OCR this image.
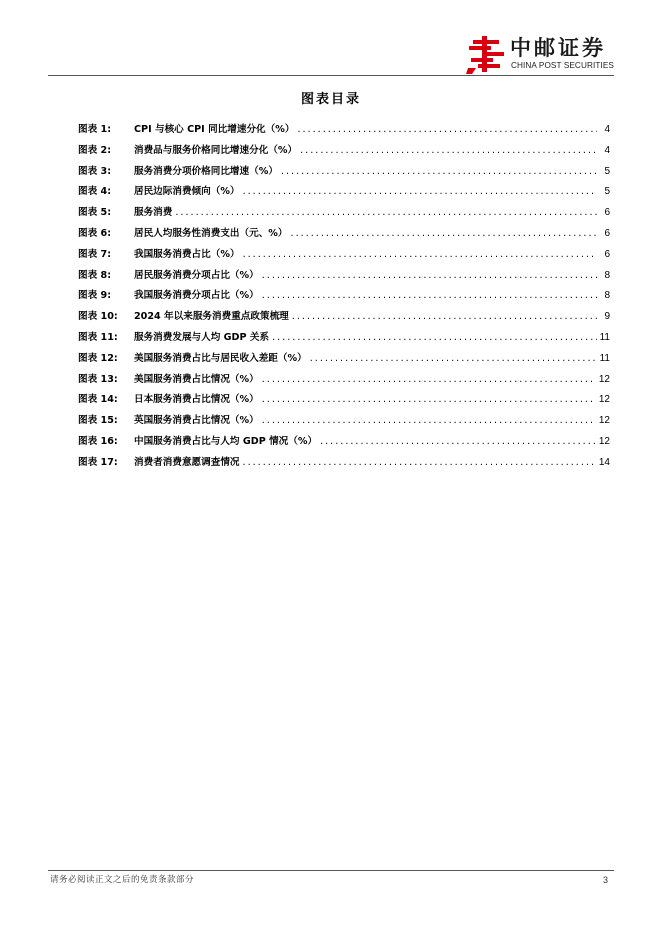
中邮证券
CHINA POST SECURITIES
图表目录
图表 1:	CPI 与核心 CPI 同比增速分化（%） .....	4
图表 2:	消费品与服务价格同比增速分化（%） .....	4
图表 3:	服务消费分项价格同比增速（%） .....	5
图表 4:	居民边际消费倾向（%） .....	5
图表 5:	服务消费 .....	6
图表 6:	居民人均服务性消费支出（元、%） .....	6
图表 7:	我国服务消费占比（%） .....	6
图表 8:	居民服务消费分项占比（%） .....	8
图表 9:	我国服务消费分项占比（%） .....	8
图表 10:	2024 年以来服务消费重点政策梳理 .....	9
图表 11:	服务消费发展与人均 GDP 关系 .....	11
图表 12:	美国服务消费占比与居民收入差距（%） .....	11
图表 13:	美国服务消费占比情况（%） .....	12
图表 14:	日本服务消费占比情况（%） .....	12
图表 15:	英国服务消费占比情况（%） .....	12
图表 16:	中国服务消费占比与人均 GDP 情况（%） .....	12
图表 17:	消费者消费意愿调查情况 .....	14
请务必阅读正文之后的免责条款部分	3
